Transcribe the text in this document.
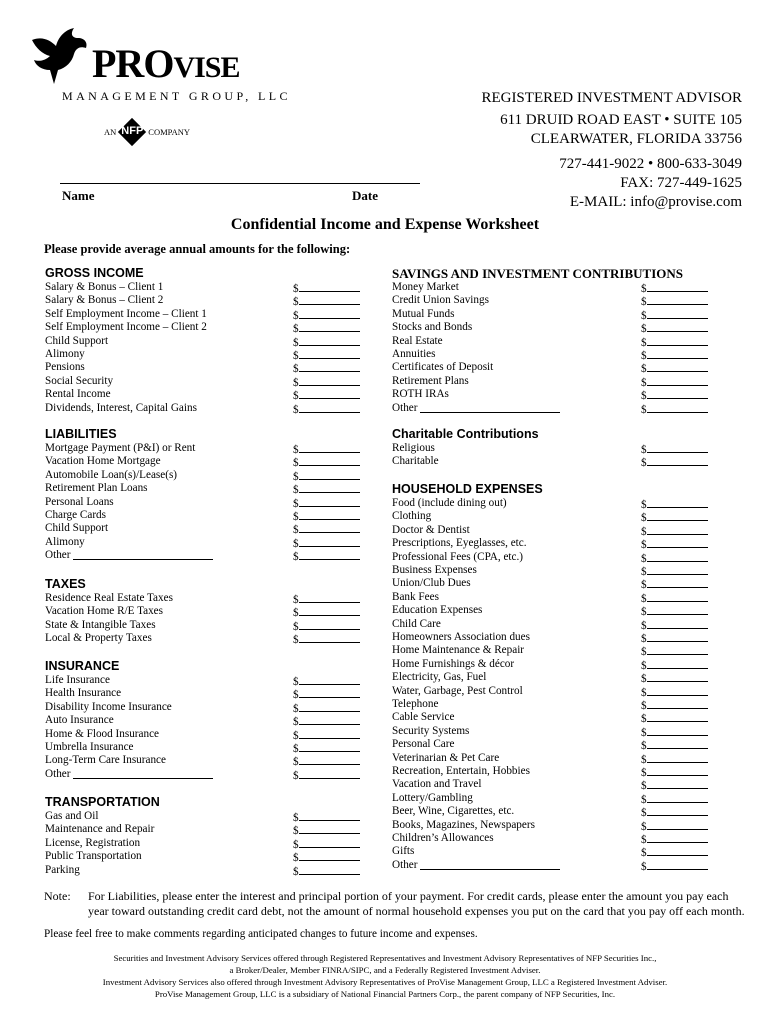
PROVISE
MANAGEMENT GROUP, LLC
AN NFP COMPANY
REGISTERED INVESTMENT ADVISOR
611 DRUID ROAD EAST • SUITE 105
CLEARWATER, FLORIDA 33756
727-441-9022 • 800-633-3049
FAX: 727-449-1625
E-MAIL: info@provise.com
Name	Date
Confidential Income and Expense Worksheet
Please provide average annual amounts for the following:
GROSS INCOME
Salary & Bonus – Client 1	$
Salary & Bonus – Client 2	$
Self Employment Income – Client 1	$
Self Employment Income – Client 2	$
Child Support	$
Alimony	$
Pensions	$
Social Security	$
Rental Income	$
Dividends, Interest, Capital Gains	$
LIABILITIES
Mortgage Payment (P&I) or Rent	$
Vacation Home Mortgage	$
Automobile Loan(s)/Lease(s)	$
Retirement Plan Loans	$
Personal Loans	$
Charge Cards	$
Child Support	$
Alimony	$
Other	$
TAXES
Residence Real Estate Taxes	$
Vacation Home R/E Taxes	$
State & Intangible Taxes	$
Local & Property Taxes	$
INSURANCE
Life Insurance	$
Health Insurance	$
Disability Income Insurance	$
Auto Insurance	$
Home & Flood Insurance	$
Umbrella Insurance	$
Long-Term Care Insurance	$
Other	$
TRANSPORTATION
Gas and Oil	$
Maintenance and Repair	$
License, Registration	$
Public Transportation	$
Parking	$
SAVINGS AND INVESTMENT CONTRIBUTIONS
Money Market	$
Credit Union Savings	$
Mutual Funds	$
Stocks and Bonds	$
Real Estate	$
Annuities	$
Certificates of Deposit	$
Retirement Plans	$
ROTH IRAs	$
Other	$
Charitable Contributions
Religious	$
Charitable	$
HOUSEHOLD EXPENSES
Food (include dining out)	$
Clothing	$
Doctor & Dentist	$
Prescriptions, Eyeglasses, etc.	$
Professional Fees (CPA, etc.)	$
Business Expenses	$
Union/Club Dues	$
Bank Fees	$
Education Expenses	$
Child Care	$
Homeowners Association dues	$
Home Maintenance & Repair	$
Home Furnishings & décor	$
Electricity, Gas, Fuel	$
Water, Garbage, Pest Control	$
Telephone	$
Cable Service	$
Security Systems	$
Personal Care	$
Veterinarian & Pet Care	$
Recreation, Entertain, Hobbies	$
Vacation and Travel	$
Lottery/Gambling	$
Beer, Wine, Cigarettes, etc.	$
Books, Magazines, Newspapers	$
Children’s Allowances	$
Gifts	$
Other	$
Note: For Liabilities, please enter the interest and principal portion of your payment. For credit cards, please enter the amount you pay each year toward outstanding credit card debt, not the amount of normal household expenses you put on the card that you pay off each month.
Please feel free to make comments regarding anticipated changes to future income and expenses.
Securities and Investment Advisory Services offered through Registered Representatives and Investment Advisory Representatives of NFP Securities Inc.,
a Broker/Dealer, Member FINRA/SIPC, and a Federally Registered Investment Adviser.
Investment Advisory Services also offered through Investment Advisory Representatives of ProVise Management Group, LLC a Registered Investment Adviser.
ProVise Management Group, LLC is a subsidiary of National Financial Partners Corp., the parent company of NFP Securities, Inc.
